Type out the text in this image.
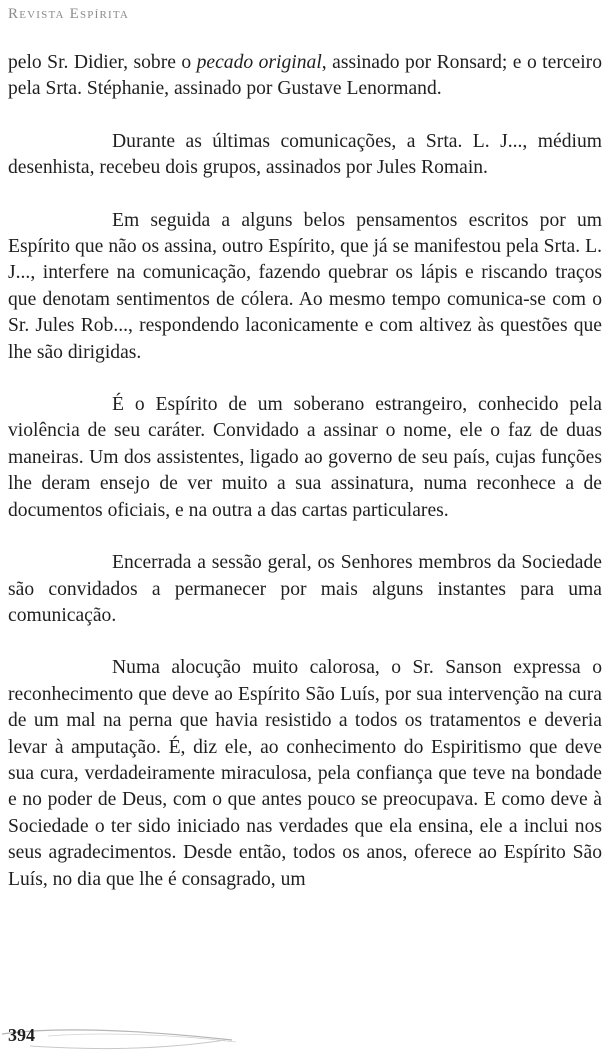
Revista Espírita

pelo Sr. Didier, sobre o pecado original, assinado por Ronsard; e o terceiro pela Srta. Stéphanie, assinado por Gustave Lenormand.

Durante as últimas comunicações, a Srta. L. J..., médium desenhista, recebeu dois grupos, assinados por Jules Romain.

Em seguida a alguns belos pensamentos escritos por um Espírito que não os assina, outro Espírito, que já se manifestou pela Srta. L. J..., interfere na comunicação, fazendo quebrar os lápis e riscando traços que denotam sentimentos de cólera. Ao mesmo tempo comunica-se com o Sr. Jules Rob..., respondendo laconicamente e com altivez às questões que lhe são dirigidas.

É o Espírito de um soberano estrangeiro, conhecido pela violência de seu caráter. Convidado a assinar o nome, ele o faz de duas maneiras. Um dos assistentes, ligado ao governo de seu país, cujas funções lhe deram ensejo de ver muito a sua assinatura, numa reconhece a de documentos oficiais, e na outra a das cartas particulares.

Encerrada a sessão geral, os Senhores membros da Sociedade são convidados a permanecer por mais alguns instantes para uma comunicação.

Numa alocução muito calorosa, o Sr. Sanson expressa o reconhecimento que deve ao Espírito São Luís, por sua intervenção na cura de um mal na perna que havia resistido a todos os tratamentos e deveria levar à amputação. É, diz ele, ao conhecimento do Espiritismo que deve sua cura, verdadeiramente miraculosa, pela confiança que teve na bondade e no poder de Deus, com o que antes pouco se preocupava. E como deve à Sociedade o ter sido iniciado nas verdades que ela ensina, ele a inclui nos seus agradecimentos. Desde então, todos os anos, oferece ao Espírito São Luís, no dia que lhe é consagrado, um

394
